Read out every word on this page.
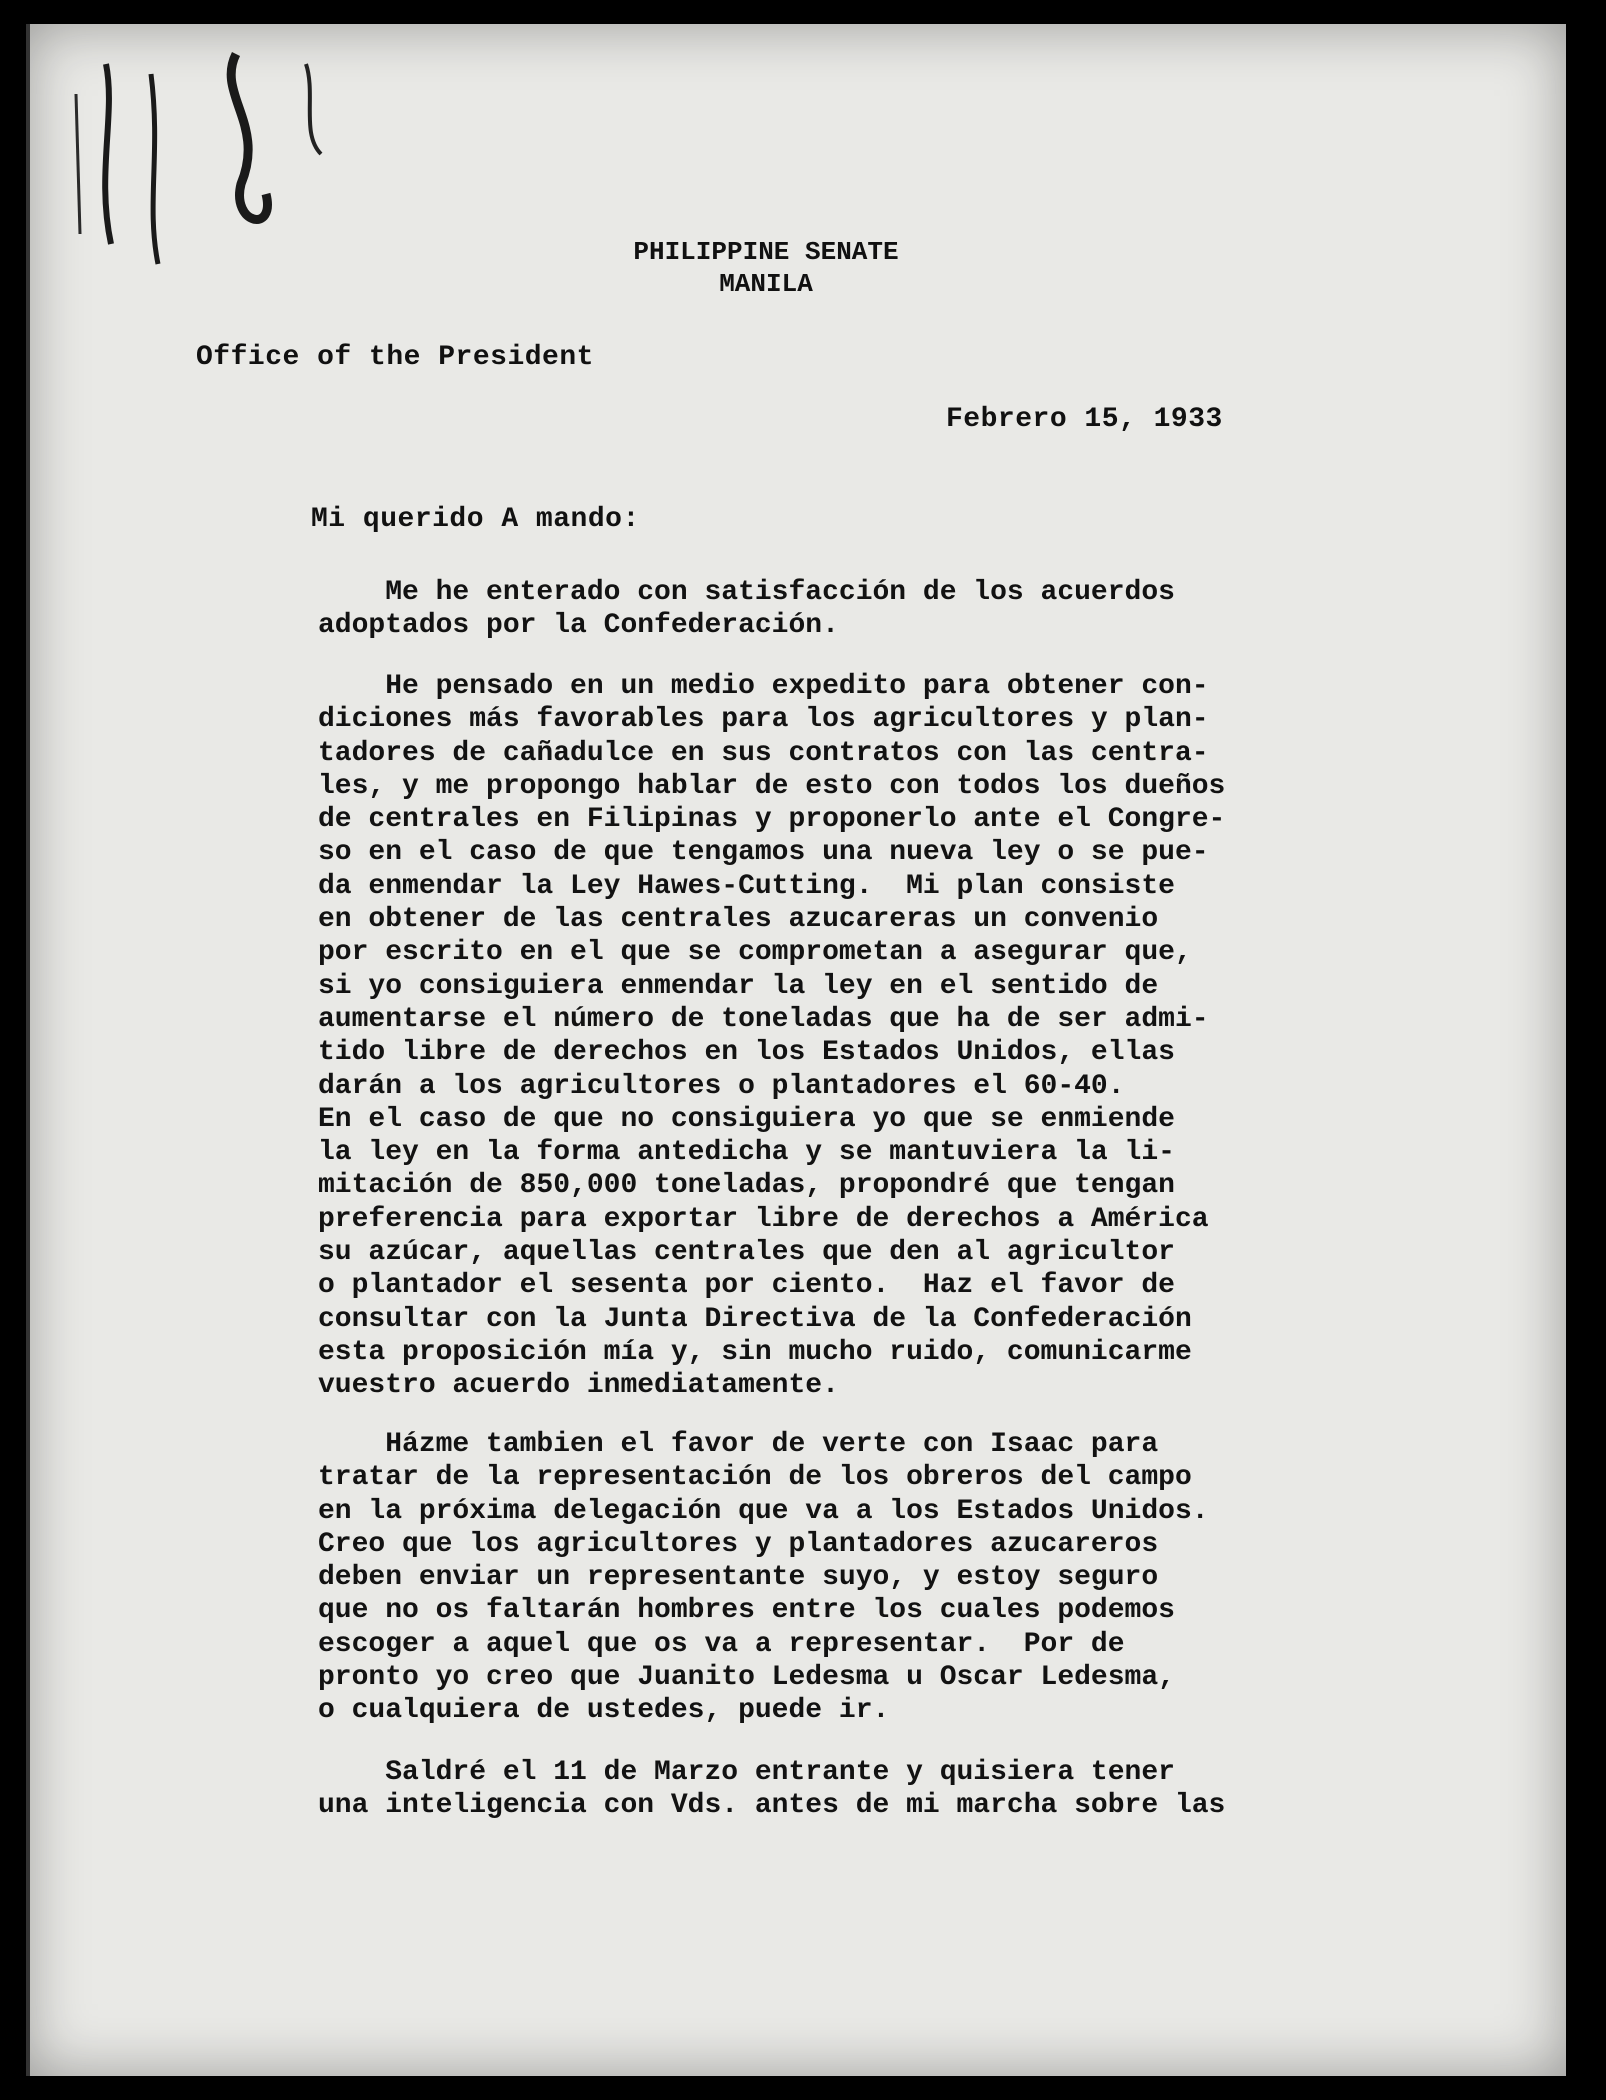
PHILIPPINE SENATE
MANILA
Office of the President
Febrero 15, 1933
Mi querido A mando:
Me he enterado con satisfacción de los acuerdos
adoptados por la Confederación.
He pensado en un medio expedito para obtener con-
diciones más favorables para los agricultores y plan-
tadores de cañadulce en sus contratos con las centra-
les, y me propongo hablar de esto con todos los dueños
de centrales en Filipinas y proponerlo ante el Congre-
so en el caso de que tengamos una nueva ley o se pue-
da enmendar la Ley Hawes-Cutting.  Mi plan consiste
en obtener de las centrales azucareras un convenio
por escrito en el que se comprometan a asegurar que,
si yo consiguiera enmendar la ley en el sentido de
aumentarse el número de toneladas que ha de ser admi-
tido libre de derechos en los Estados Unidos, ellas
darán a los agricultores o plantadores el 60-40.
En el caso de que no consiguiera yo que se enmiende
la ley en la forma antedicha y se mantuviera la li-
mitación de 850,000 toneladas, propondré que tengan
preferencia para exportar libre de derechos a América
su azúcar, aquellas centrales que den al agricultor
o plantador el sesenta por ciento.  Haz el favor de
consultar con la Junta Directiva de la Confederación
esta proposición mía y, sin mucho ruido, comunicarme
vuestro acuerdo inmediatamente.
Házme tambien el favor de verte con Isaac para
tratar de la representación de los obreros del campo
en la próxima delegación que va a los Estados Unidos.
Creo que los agricultores y plantadores azucareros
deben enviar un representante suyo, y estoy seguro
que no os faltarán hombres entre los cuales podemos
escoger a aquel que os va a representar.  Por de
pronto yo creo que Juanito Ledesma u Oscar Ledesma,
o cualquiera de ustedes, puede ir.
Saldré el 11 de Marzo entrante y quisiera tener
una inteligencia con Vds. antes de mi marcha sobre las
